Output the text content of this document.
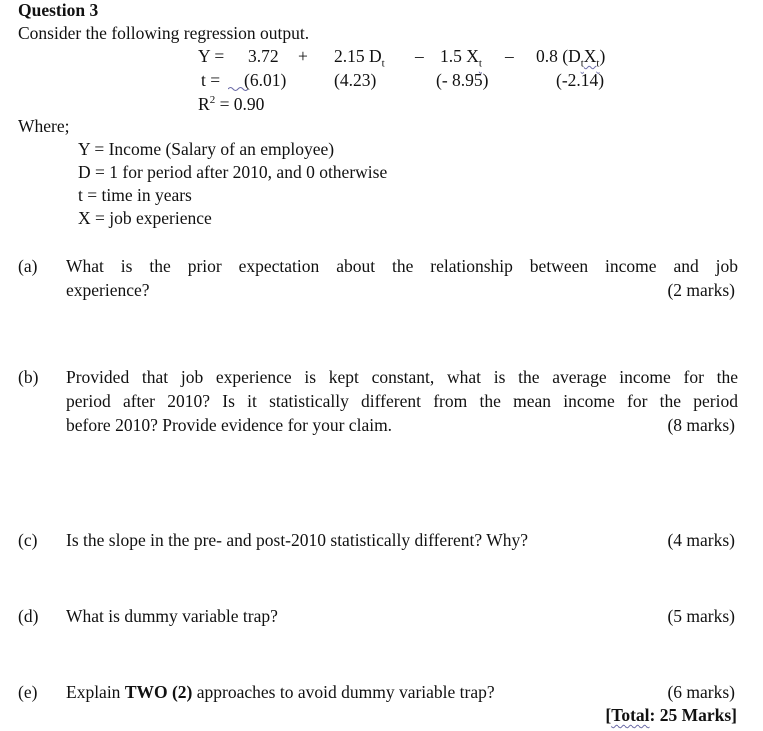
Question 3
Consider the following regression output.
Y = 3.72 + 2.15 $D_t - 1.5$ $X_t - 0.8$ $(D_tX_t)$
t = (6.01)	(4.23)	(- 8.95)	(-2.14)
$R^2 = 0.90$
Where;
Y = Income (Salary of an employee)
D = 1 for period after 2010, and 0 otherwise
t = time in years
X = job experience
(a) What is the prior expectation about the relationship between income and job
experience?	(2 marks)
(b) Provided that job experience is kept constant, what is the average income for the
period after 2010? Is it statistically different from the mean income for the period
before 2010? Provide evidence for your claim.	(8 marks)
(c) Is the slope in the pre- and post-2010 statistically different? Why?	(4 marks)
(d) What is dummy variable trap?	(5 marks)
(e) Explain TWO (2) approaches to avoid dummy variable trap?	(6 marks)
[Total: 25 Marks]
